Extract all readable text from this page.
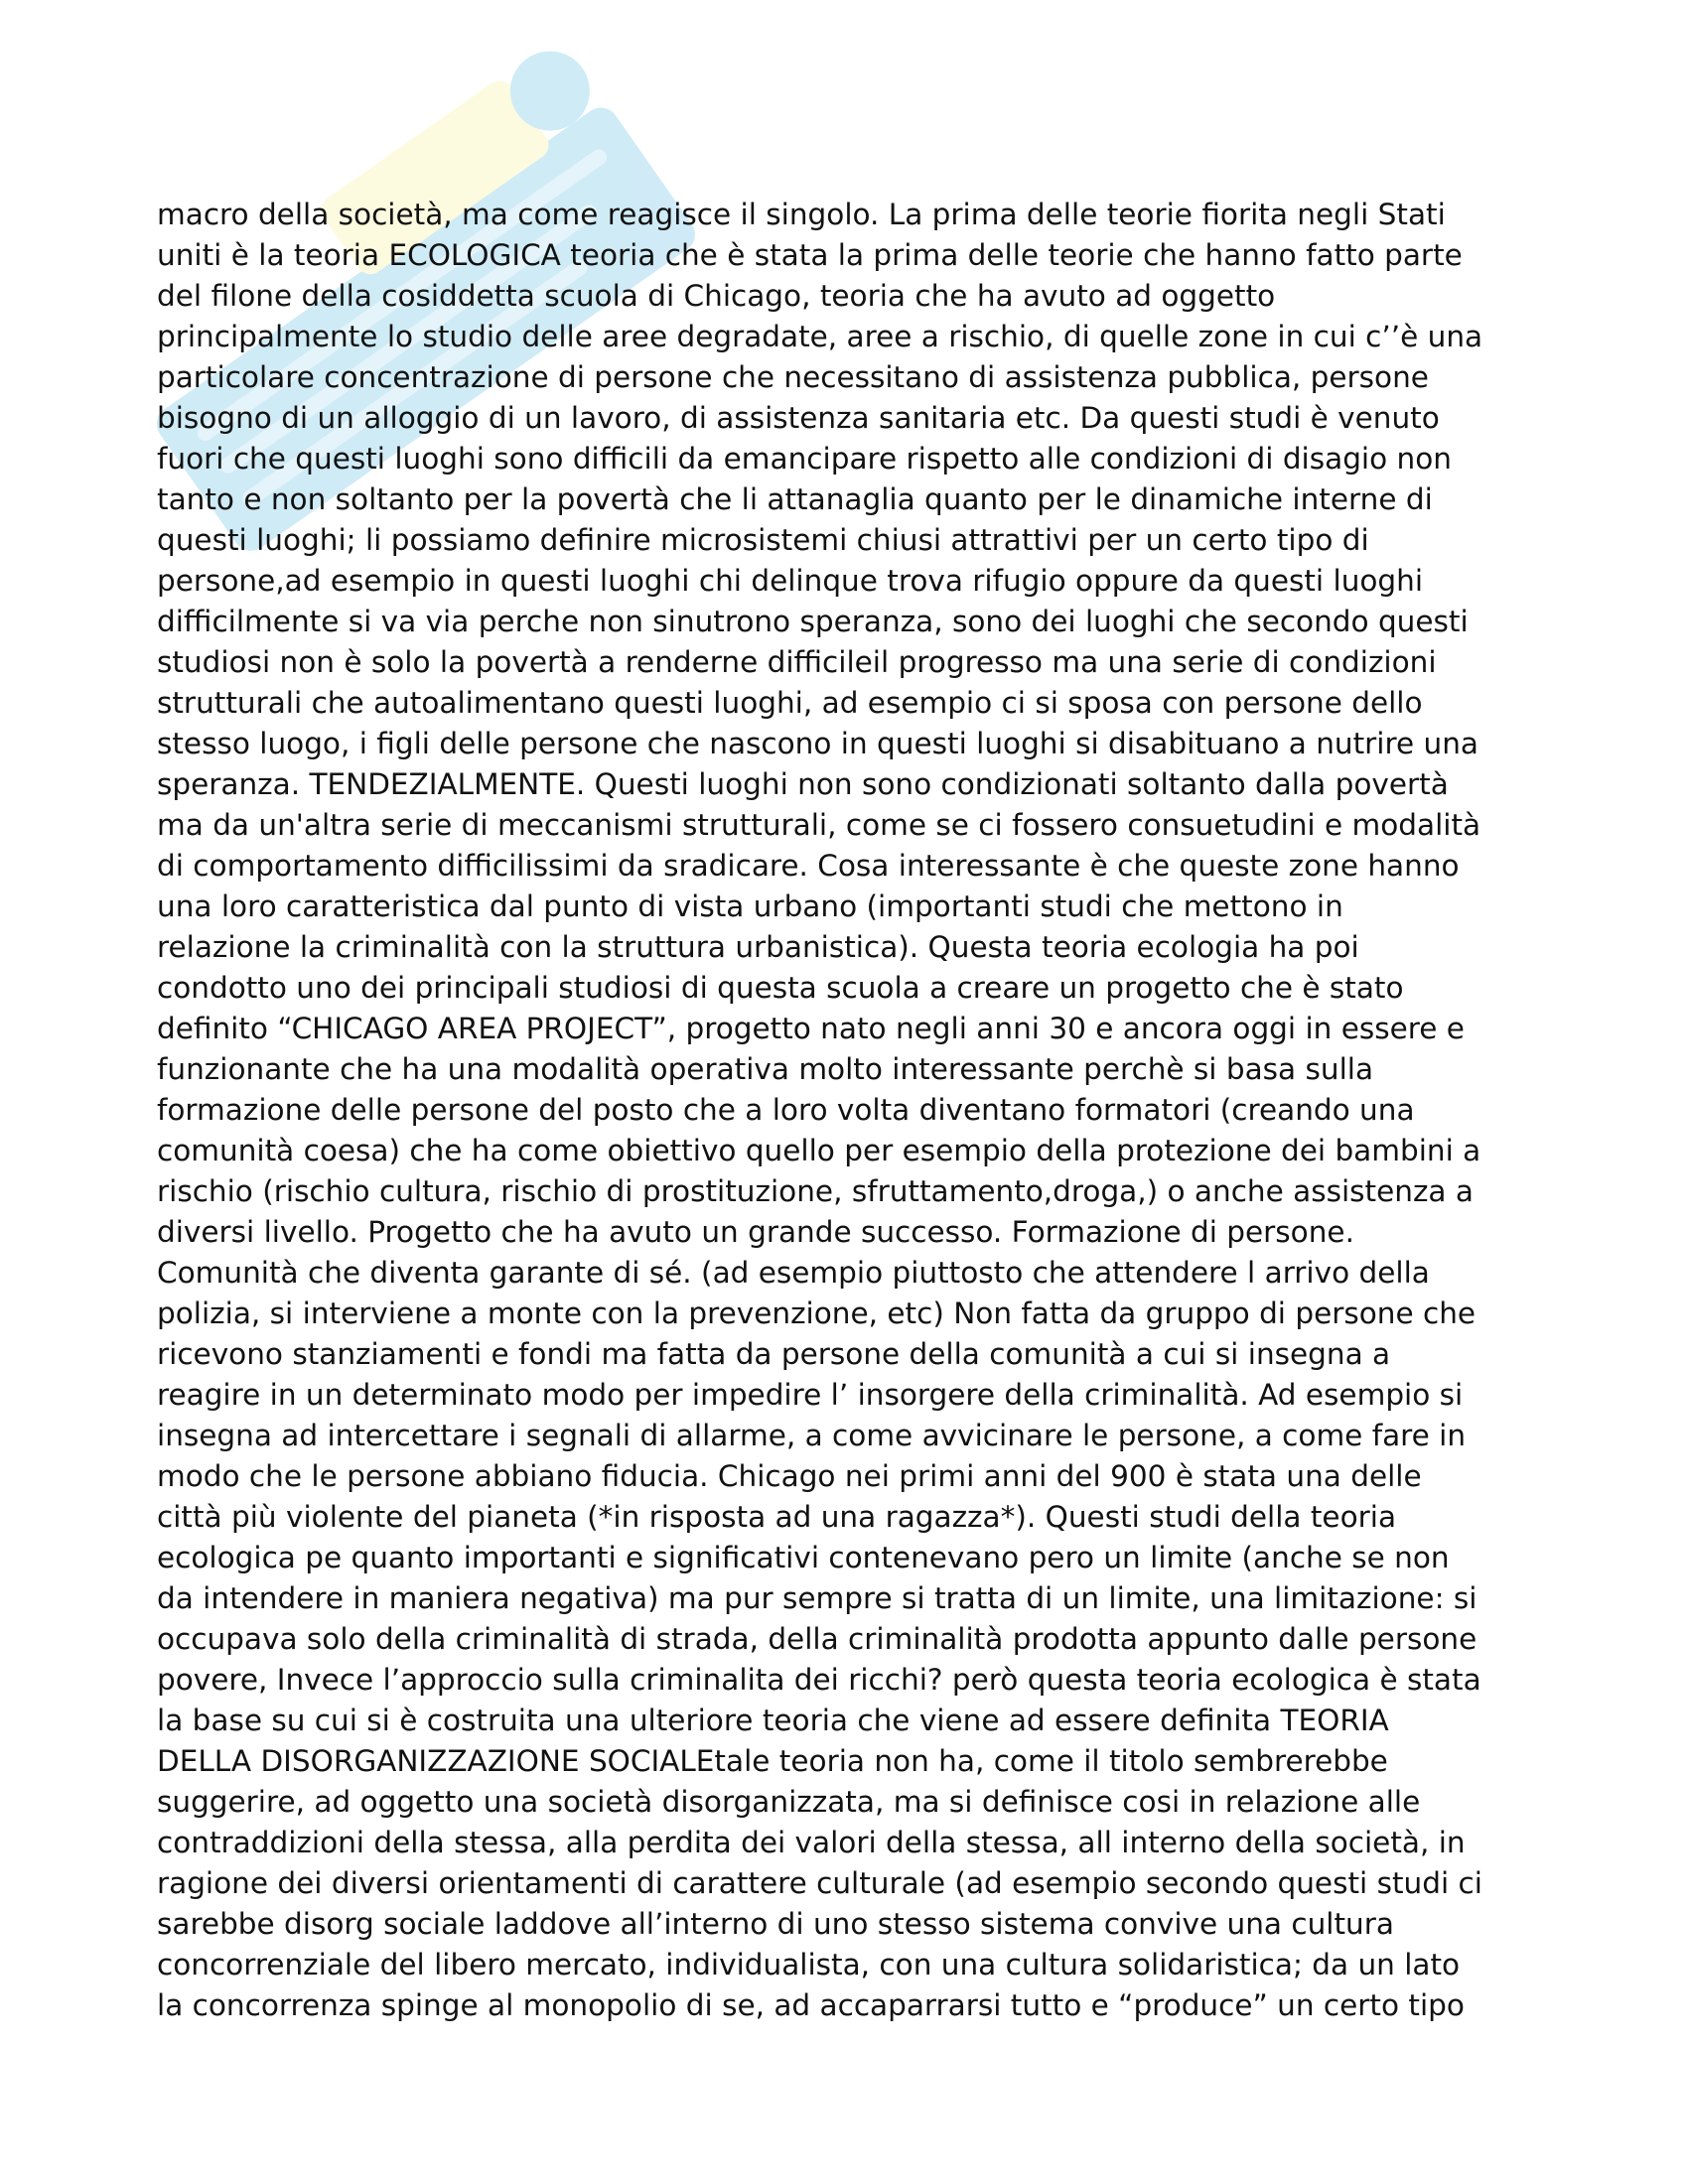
macro della società, ma come reagisce il singolo. La prima delle teorie fiorita negli Stati
uniti è la teoria ECOLOGICA teoria che è stata la prima delle teorie che hanno fatto parte
del filone della cosiddetta scuola di Chicago, teoria che ha avuto ad oggetto
principalmente lo studio delle aree degradate, aree a rischio, di quelle zone in cui c’’è una
particolare concentrazione di persone che necessitano di assistenza pubblica, persone
bisogno di un alloggio di un lavoro, di assistenza sanitaria etc. Da questi studi è venuto
fuori che questi luoghi sono difficili da emancipare rispetto alle condizioni di disagio non
tanto e non soltanto per la povertà che li attanaglia quanto per le dinamiche interne di
questi luoghi; li possiamo definire microsistemi chiusi attrattivi per un certo tipo di
persone,ad esempio in questi luoghi chi delinque trova rifugio oppure da questi luoghi
difficilmente si va via perche non sinutrono speranza, sono dei luoghi che secondo questi
studiosi non è solo la povertà a renderne difficileil progresso ma una serie di condizioni
strutturali che autoalimentano questi luoghi, ad esempio ci si sposa con persone dello
stesso luogo, i figli delle persone che nascono in questi luoghi si disabituano a nutrire una
speranza. TENDEZIALMENTE. Questi luoghi non sono condizionati soltanto dalla povertà
ma da un'altra serie di meccanismi strutturali, come se ci fossero consuetudini e modalità
di comportamento difficilissimi da sradicare. Cosa interessante è che queste zone hanno
una loro caratteristica dal punto di vista urbano (importanti studi che mettono in
relazione la criminalità con la struttura urbanistica). Questa teoria ecologia ha poi
condotto uno dei principali studiosi di questa scuola a creare un progetto che è stato
definito “CHICAGO AREA PROJECT”, progetto nato negli anni 30 e ancora oggi in essere e
funzionante che ha una modalità operativa molto interessante perchè si basa sulla
formazione delle persone del posto che a loro volta diventano formatori (creando una
comunità coesa) che ha come obiettivo quello per esempio della protezione dei bambini a
rischio (rischio cultura, rischio di prostituzione, sfruttamento,droga,) o anche assistenza a
diversi livello. Progetto che ha avuto un grande successo. Formazione di persone.
Comunità che diventa garante di sé. (ad esempio piuttosto che attendere l arrivo della
polizia, si interviene a monte con la prevenzione, etc) Non fatta da gruppo di persone che
ricevono stanziamenti e fondi ma fatta da persone della comunità a cui si insegna a
reagire in un determinato modo per impedire l’ insorgere della criminalità. Ad esempio si
insegna ad intercettare i segnali di allarme, a come avvicinare le persone, a come fare in
modo che le persone abbiano fiducia. Chicago nei primi anni del 900 è stata una delle
città più violente del pianeta (*in risposta ad una ragazza*). Questi studi della teoria
ecologica pe quanto importanti e significativi contenevano pero un limite (anche se non
da intendere in maniera negativa) ma pur sempre si tratta di un limite, una limitazione: si
occupava solo della criminalità di strada, della criminalità prodotta appunto dalle persone
povere, Invece l’approccio sulla criminalita dei ricchi? però questa teoria ecologica è stata
la base su cui si è costruita una ulteriore teoria che viene ad essere definita TEORIA
DELLA DISORGANIZZAZIONE SOCIALEtale teoria non ha, come il titolo sembrerebbe
suggerire, ad oggetto una società disorganizzata, ma si definisce cosi in relazione alle
contraddizioni della stessa, alla perdita dei valori della stessa, all interno della società, in
ragione dei diversi orientamenti di carattere culturale (ad esempio secondo questi studi ci
sarebbe disorg sociale laddove all’interno di uno stesso sistema convive una cultura
concorrenziale del libero mercato, individualista, con una cultura solidaristica; da un lato
la concorrenza spinge al monopolio di se, ad accaparrarsi tutto e “produce” un certo tipo
